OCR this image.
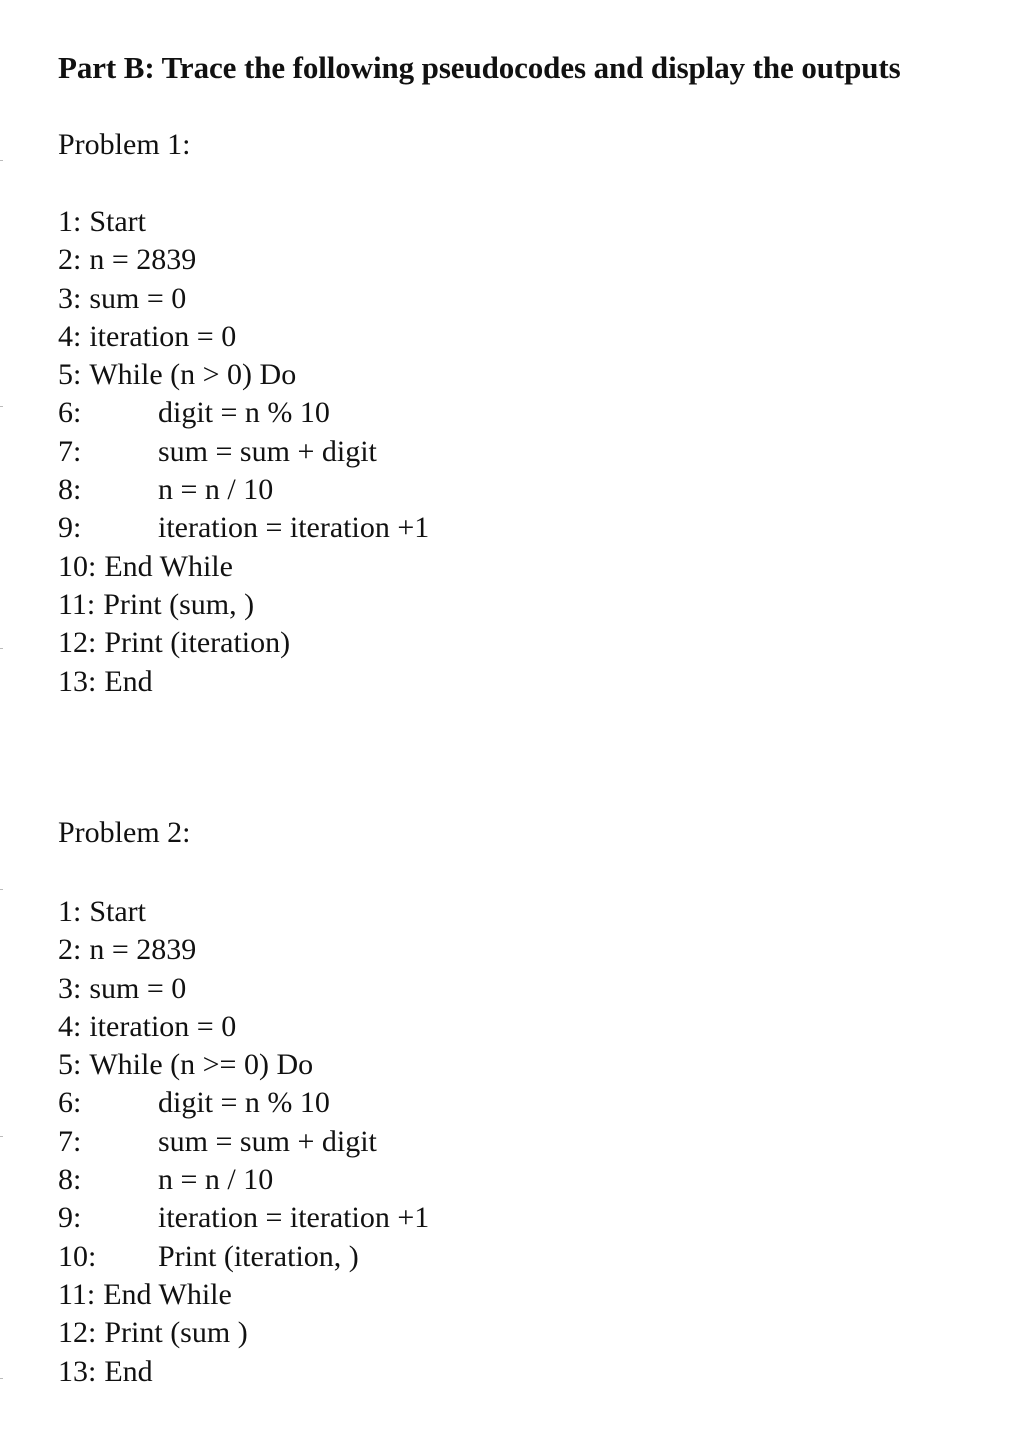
Part B: Trace the following pseudocodes and display the outputs
Problem 1:
1: Start
2: n = 2839
3: sum = 0
4: iteration = 0
5: While (n > 0) Do
6:	digit = n % 10
7:	sum = sum + digit
8:	n = n / 10
9:	iteration = iteration +1
10: End While
11: Print (sum, )
12: Print (iteration)
13: End
Problem 2:
1: Start
2: n = 2839
3: sum = 0
4: iteration = 0
5: While (n >= 0) Do
6:	digit = n % 10
7:	sum = sum + digit
8:	n = n / 10
9:	iteration = iteration +1
10: Print (iteration, )
11: End While
12: Print (sum )
13: End
